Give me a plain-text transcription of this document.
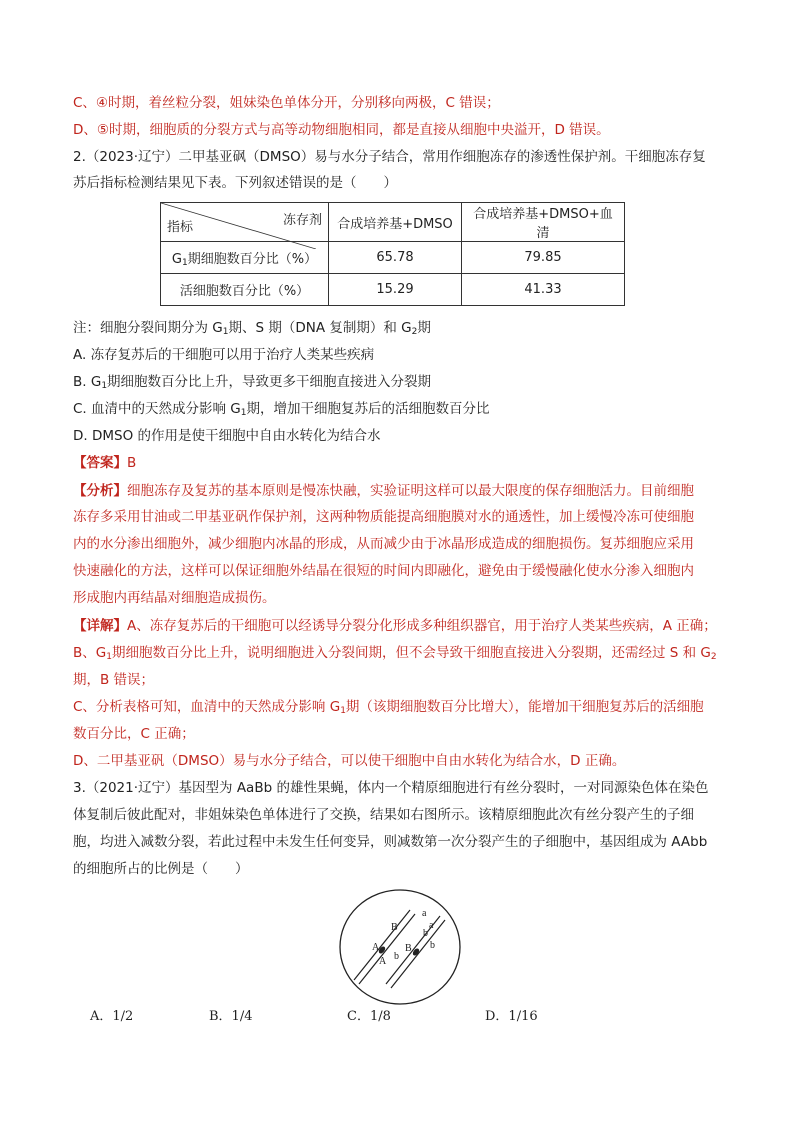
C、④时期，着丝粒分裂，姐妹染色单体分开，分别移向两极，C 错误；
D、⑤时期，细胞质的分裂方式与高等动物细胞相同，都是直接从细胞中央溢开，D 错误。
2.（2023·辽宁）二甲基亚砜（DMSO）易与水分子结合，常用作细胞冻存的渗透性保护剂。干细胞冻存复
苏后指标检测结果见下表。下列叙述错误的是（　　）
冻存剂
指标	合成培养基+DMSO	合成培养基+DMSO+血清
$G_1$期细胞数百分比（%）	65.78	79.85
活细胞数百分比（%）	15.29	41.33
注：细胞分裂间期分为 $G_1$期、S 期（DNA 复制期）和 $G_2$期
A. 冻存复苏后的干细胞可以用于治疗人类某些疾病
B. $G_1$期细胞数百分比上升，导致更多干细胞直接进入分裂期
C. 血清中的天然成分影响 $G_1$期，增加干细胞复苏后的活细胞数百分比
D. DMSO 的作用是使干细胞中自由水转化为结合水
【答案】B
【分析】细胞冻存及复苏的基本原则是慢冻快融，实验证明这样可以最大限度的保存细胞活力。目前细胞
冻存多采用甘油或二甲基亚矾作保护剂，这两种物质能提高细胞膜对水的通透性，加上缓慢冷冻可使细胞
内的水分渗出细胞外，减少细胞内冰晶的形成，从而减少由于冰晶形成造成的细胞损伤。复苏细胞应采用
快速融化的方法，这样可以保证细胞外结晶在很短的时间内即融化，避免由于缓慢融化使水分渗入细胞内
形成胞内再结晶对细胞造成损伤。
【详解】A、冻存复苏后的干细胞可以经诱导分裂分化形成多种组织器官，用于治疗人类某些疾病，A 正确；
B、$G_1$期细胞数百分比上升，说明细胞进入分裂间期，但不会导致干细胞直接进入分裂期，还需经过 S 和 $G_2$
期，B 错误；
C、分析表格可知，血清中的天然成分影响 $G_1$期（该期细胞数百分比增大），能增加干细胞复苏后的活细胞
数百分比，C 正确；
D、二甲基亚矾（DMSO）易与水分子结合，可以使干细胞中自由水转化为结合水，D 正确。
3.（2021·辽宁）基因型为 AaBb 的雄性果蝇，体内一个精原细胞进行有丝分裂时，一对同源染色体在染色
体复制后彼此配对，非姐妹染色单体进行了交换，结果如右图所示。该精原细胞此次有丝分裂产生的子细
胞，均进入减数分裂，若此过程中未发生任何变异，则减数第一次分裂产生的子细胞中，基因组成为 AAbb
的细胞所占的比例是（　　）
a
a
b
b
B
B
A
A b
A．1/2	B．1/4	C．1/8	D．1/16
